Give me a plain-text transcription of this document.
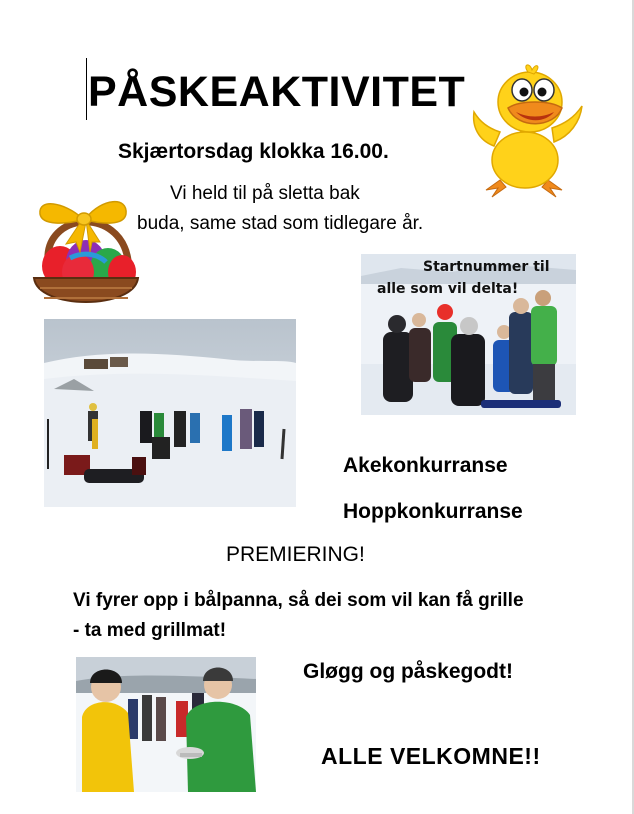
PÅSKEAKTIVITET
Skjærtorsdag klokka 16.00.
Vi held til på sletta bak
buda, same stad som tidlegare år.
Startnummer til
alle som vil delta!
Akekonkurranse
Hoppkonkurranse
PREMIERING!
Vi fyrer opp i bålpanna, så dei som vil kan få grille
- ta med grillmat!
Gløgg og påskegodt!
ALLE VELKOMNE!!
